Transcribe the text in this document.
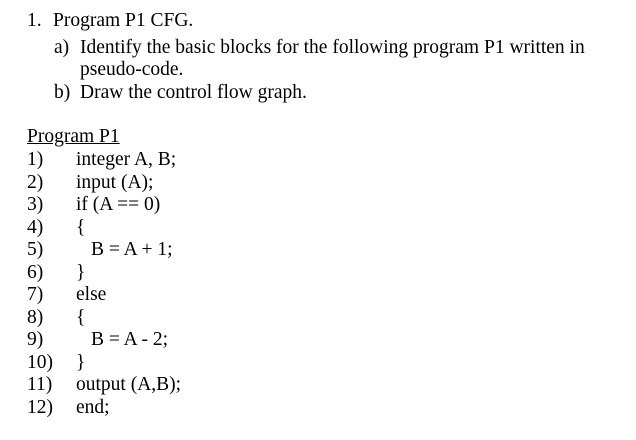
1. Program P1 CFG.
a) Identify the basic blocks for the following program P1 written in
pseudo-code.
b) Draw the control flow graph.
Program P1
1) integer A, B;
2) input (A);
3) if (A == 0)
4) {
5) B = A + 1;
6) }
7) else
8) {
9) B = A - 2;
10) }
11) output (A,B);
12) end;
